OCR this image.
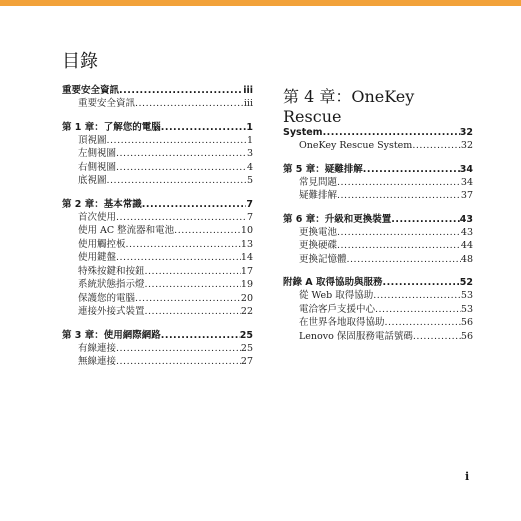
目錄
重要安全資訊 .....	iii
重要安全資訊 .....	iii
第 1 章：了解您的電腦 .....	1
頂視圖 .....	1
左側視圖 .....	3
右側視圖 .....	4
底視圖 .....	5
第 2 章：基本常識 .....	7
首次使用 .....	7
使用 AC 整流器和電池 .....	10
使用觸控板 .....	13
使用鍵盤 .....	14
特殊按鍵和按鈕 .....	17
系統狀態指示燈 .....	19
保護您的電腦 .....	20
連接外接式裝置 .....	22
第 3 章：使用網際網路 .....	25
有線連接 .....	25
無線連接 .....	27
第 4 章：OneKey Rescue
System .....	32
OneKey Rescue System .....	32
第 5 章：疑難排解 .....	34
常見問題 .....	34
疑難排解 .....	37
第 6 章：升級和更換裝置 .....	43
更換電池 .....	43
更換硬碟 .....	44
更換記憶體 .....	48
附錄 A 取得協助與服務 .....	52
從 Web 取得協助 .....	53
電洽客戶支援中心 .....	53
在世界各地取得協助 .....	56
Lenovo 保固服務電話號碼 .....	56
i
